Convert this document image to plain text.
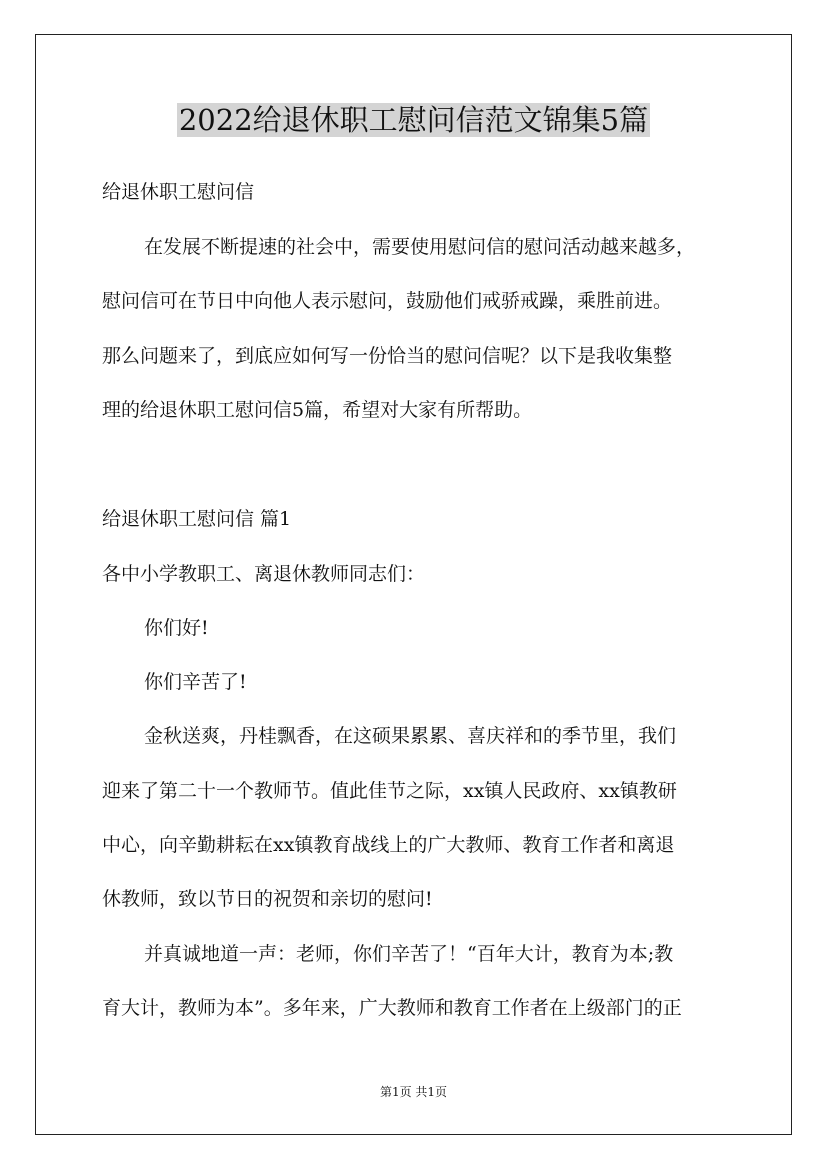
2022给退休职工慰问信范文锦集5篇
给退休职工慰问信
在发展不断提速的社会中，需要使用慰问信的慰问活动越来越多，
慰问信可在节日中向他人表示慰问，鼓励他们戒骄戒躁，乘胜前进。
那么问题来了，到底应如何写一份恰当的慰问信呢？以下是我收集整
理的给退休职工慰问信5篇，希望对大家有所帮助。
给退休职工慰问信 篇1
各中小学教职工、离退休教师同志们：
你们好!
你们辛苦了!
金秋送爽，丹桂飘香，在这硕果累累、喜庆祥和的季节里，我们
迎来了第二十一个教师节。值此佳节之际，xx镇人民政府、xx镇教研
中心，向辛勤耕耘在xx镇教育战线上的广大教师、教育工作者和离退
休教师，致以节日的祝贺和亲切的慰问!
并真诚地道一声：老师，你们辛苦了！“百年大计，教育为本;教
育大计，教师为本”。多年来，广大教师和教育工作者在上级部门的正
第1页 共1页
